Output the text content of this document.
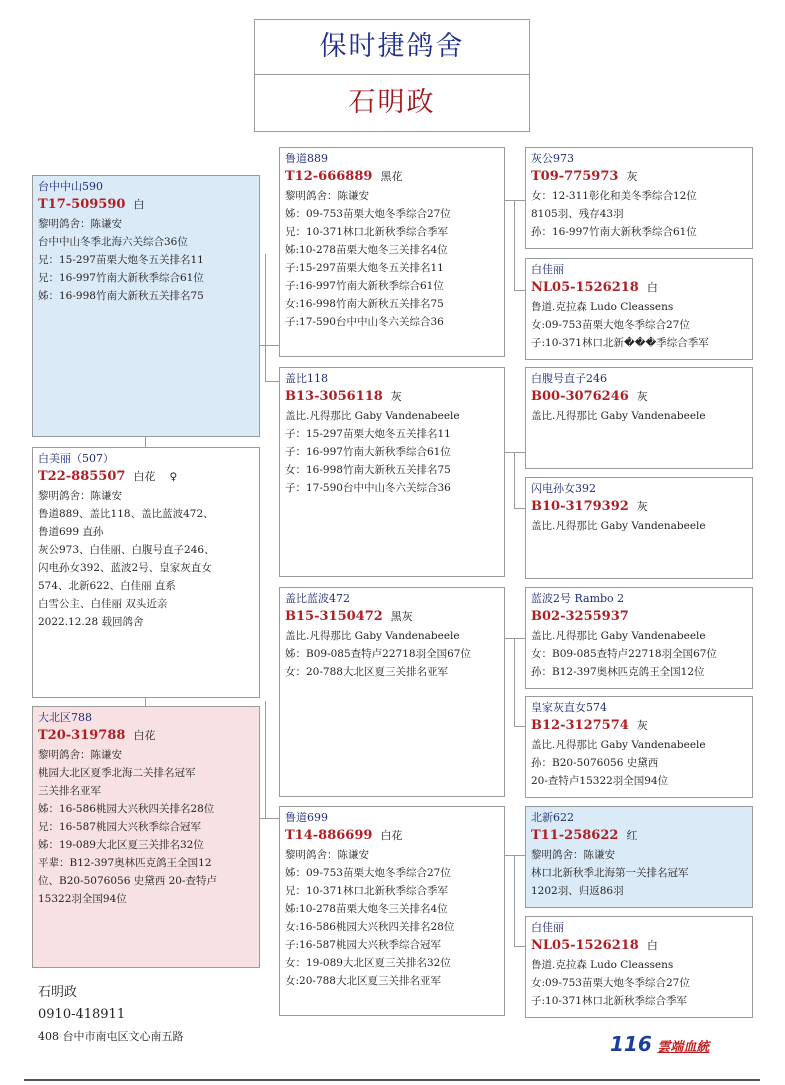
保时捷鸽舍
石明政
台中中山590
T17-509590 白
黎明鸽舍：陈谦安
台中中山冬季北海六关综合36位
兄：15-297苗栗大炮冬五关排名11
兄：16-997竹南大新秋季综合61位
姊：16-998竹南大新秋五关排名75
白美丽（507）
T22-885507 白花 ♀
黎明鸽舍：陈谦安
鲁道889、盖比118、盖比蓝波472、
鲁道699 直孙
灰公973、白佳丽、白腹号直子246、
闪电孙女392、蓝波2号、皇家灰直女
574、北新622、白佳丽 直系
白雪公主、白佳丽 双头近亲
2022.12.28 载回鸽舍
大北区788
T20-319788 白花
黎明鸽舍：陈谦安
桃园大北区夏季北海二关排名冠军
三关排名亚军
姊：16-586桃园大兴秋四关排名28位
兄：16-587桃园大兴秋季综合冠军
姊：19-089大北区夏三关排名32位
平辈：B12-397奥林匹克鸽王全国12
位、B20-5076056 史黛西 20-查特卢
15322羽全国94位
鲁道889
T12-666889 黑花
黎明鸽舍：陈谦安
姊：09-753苗栗大炮冬季综合27位
兄：10-371林口北新秋季综合季军
姊:10-278苗栗大炮冬三关排名4位
子:15-297苗栗大炮冬五关排名11
子:16-997竹南大新秋季综合61位
女:16-998竹南大新秋五关排名75
子:17-590台中中山冬六关综合36
盖比118
B13-3056118 灰
盖比.凡得那比 Gaby Vandenabeele
子：15-297苗栗大炮冬五关排名11
子：16-997竹南大新秋季综合61位
女：16-998竹南大新秋五关排名75
子：17-590台中中山冬六关综合36
盖比蓝波472
B15-3150472 黑灰
盖比.凡得那比 Gaby Vandenabeele
姊：B09-085查特卢22718羽全国67位
女：20-788大北区夏三关排名亚军
鲁道699
T14-886699 白花
黎明鸽舍：陈谦安
姊：09-753苗栗大炮冬季综合27位
兄：10-371林口北新秋季综合季军
姊:10-278苗栗大炮冬三关排名4位
女:16-586桃园大兴秋四关排名28位
子:16-587桃园大兴秋季综合冠军
女：19-089大北区夏三关排名32位
女:20-788大北区夏三关排名亚军
灰公973
T09-775973 灰
女：12-311彰化和美冬季综合12位
8105羽、残存43羽
孙：16-997竹南大新秋季综合61位
白佳丽
NL05-1526218 白
鲁道.克拉森 Ludo Cleassens
女:09-753苗栗大炮冬季综合27位
子:10-371林口北新���季综合季军
白腹号直子246
B00-3076246 灰
盖比.凡得那比 Gaby Vandenabeele
闪电孙女392
B10-3179392 灰
盖比.凡得那比 Gaby Vandenabeele
蓝波2号 Rambo 2
B02-3255937
盖比.凡得那比 Gaby Vandenabeele
女：B09-085查特卢22718羽全国67位
孙：B12-397奥林匹克鸽王全国12位
皇家灰直女574
B12-3127574 灰
盖比.凡得那比 Gaby Vandenabeele
孙：B20-5076056 史黛西
20-查特卢15322羽全国94位
北新622
T11-258622 红
黎明鸽舍：陈谦安
林口北新秋季北海第一关排名冠军
1202羽、归返86羽
白佳丽
NL05-1526218 白
鲁道.克拉森 Ludo Cleassens
女:09-753苗栗大炮冬季综合27位
子:10-371林口北新秋季综合季军
石明政
0910-418911
408 台中市南屯区文心南五路	116 雲端血統
